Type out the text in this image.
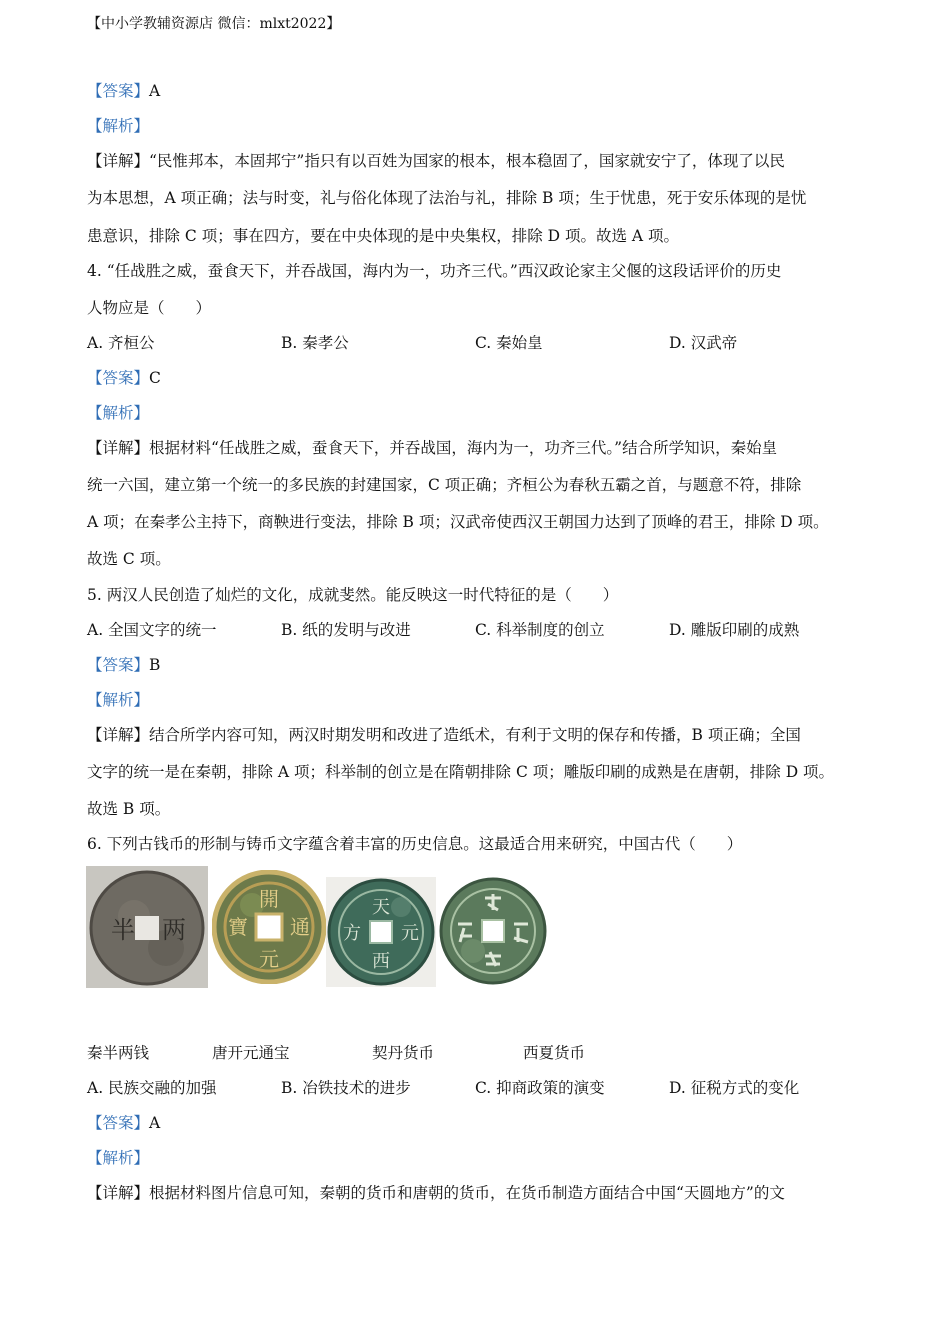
【中小学教辅资源店 微信：mlxt2022】

【答案】A

【解析】

【详解】“民惟邦本，本固邦宁”指只有以百姓为国家的根本，根本稳固了，国家就安宁了，体现了以民

为本思想，A 项正确；法与时变，礼与俗化体现了法治与礼，排除 B 项；生于忧患，死于安乐体现的是忧

患意识，排除 C 项；事在四方，要在中央体现的是中央集权，排除 D 项。故选 A 项。

4. “任战胜之威，蚕食天下，并吞战国，海内为一，功齐三代。”西汉政论家主父偃的这段话评价的历史

人物应是（　　）

A. 齐桓公	B. 秦孝公	C. 秦始皇	D. 汉武帝

【答案】C

【解析】

【详解】根据材料“任战胜之威，蚕食天下，并吞战国，海内为一，功齐三代。”结合所学知识，秦始皇

统一六国，建立第一个统一的多民族的封建国家，C 项正确；齐桓公为春秋五霸之首，与题意不符，排除

A 项；在秦孝公主持下，商鞅进行变法，排除 B 项；汉武帝使西汉王朝国力达到了顶峰的君王，排除 D 项。

故选 C 项。

5. 两汉人民创造了灿烂的文化，成就斐然。能反映这一时代特征的是（　　）

A. 全国文字的统一	B. 纸的发明与改进	C. 科举制度的创立	D. 雕版印刷的成熟

【答案】B

【解析】

【详解】结合所学内容可知，两汉时期发明和改进了造纸术，有利于文明的保存和传播，B 项正确；全国

文字的统一是在秦朝，排除 A 项；科举制的创立是在隋朝排除 C 项；雕版印刷的成熟是在唐朝，排除 D 项。

故选 B 项。

6. 下列古钱币的形制与铸币文字蕴含着丰富的历史信息。这最适合用来研究，中国古代（　　）

半 两
開
元
通
寶
天
西
元
方
秦半两钱	唐开元通宝	契丹货币	西夏货币
A. 民族交融的加强	B. 冶铁技术的进步	C. 抑商政策的演变	D. 征税方式的变化

【答案】A

【解析】

【详解】根据材料图片信息可知，秦朝的货币和唐朝的货币，在货币制造方面结合中国“天圆地方”的文
